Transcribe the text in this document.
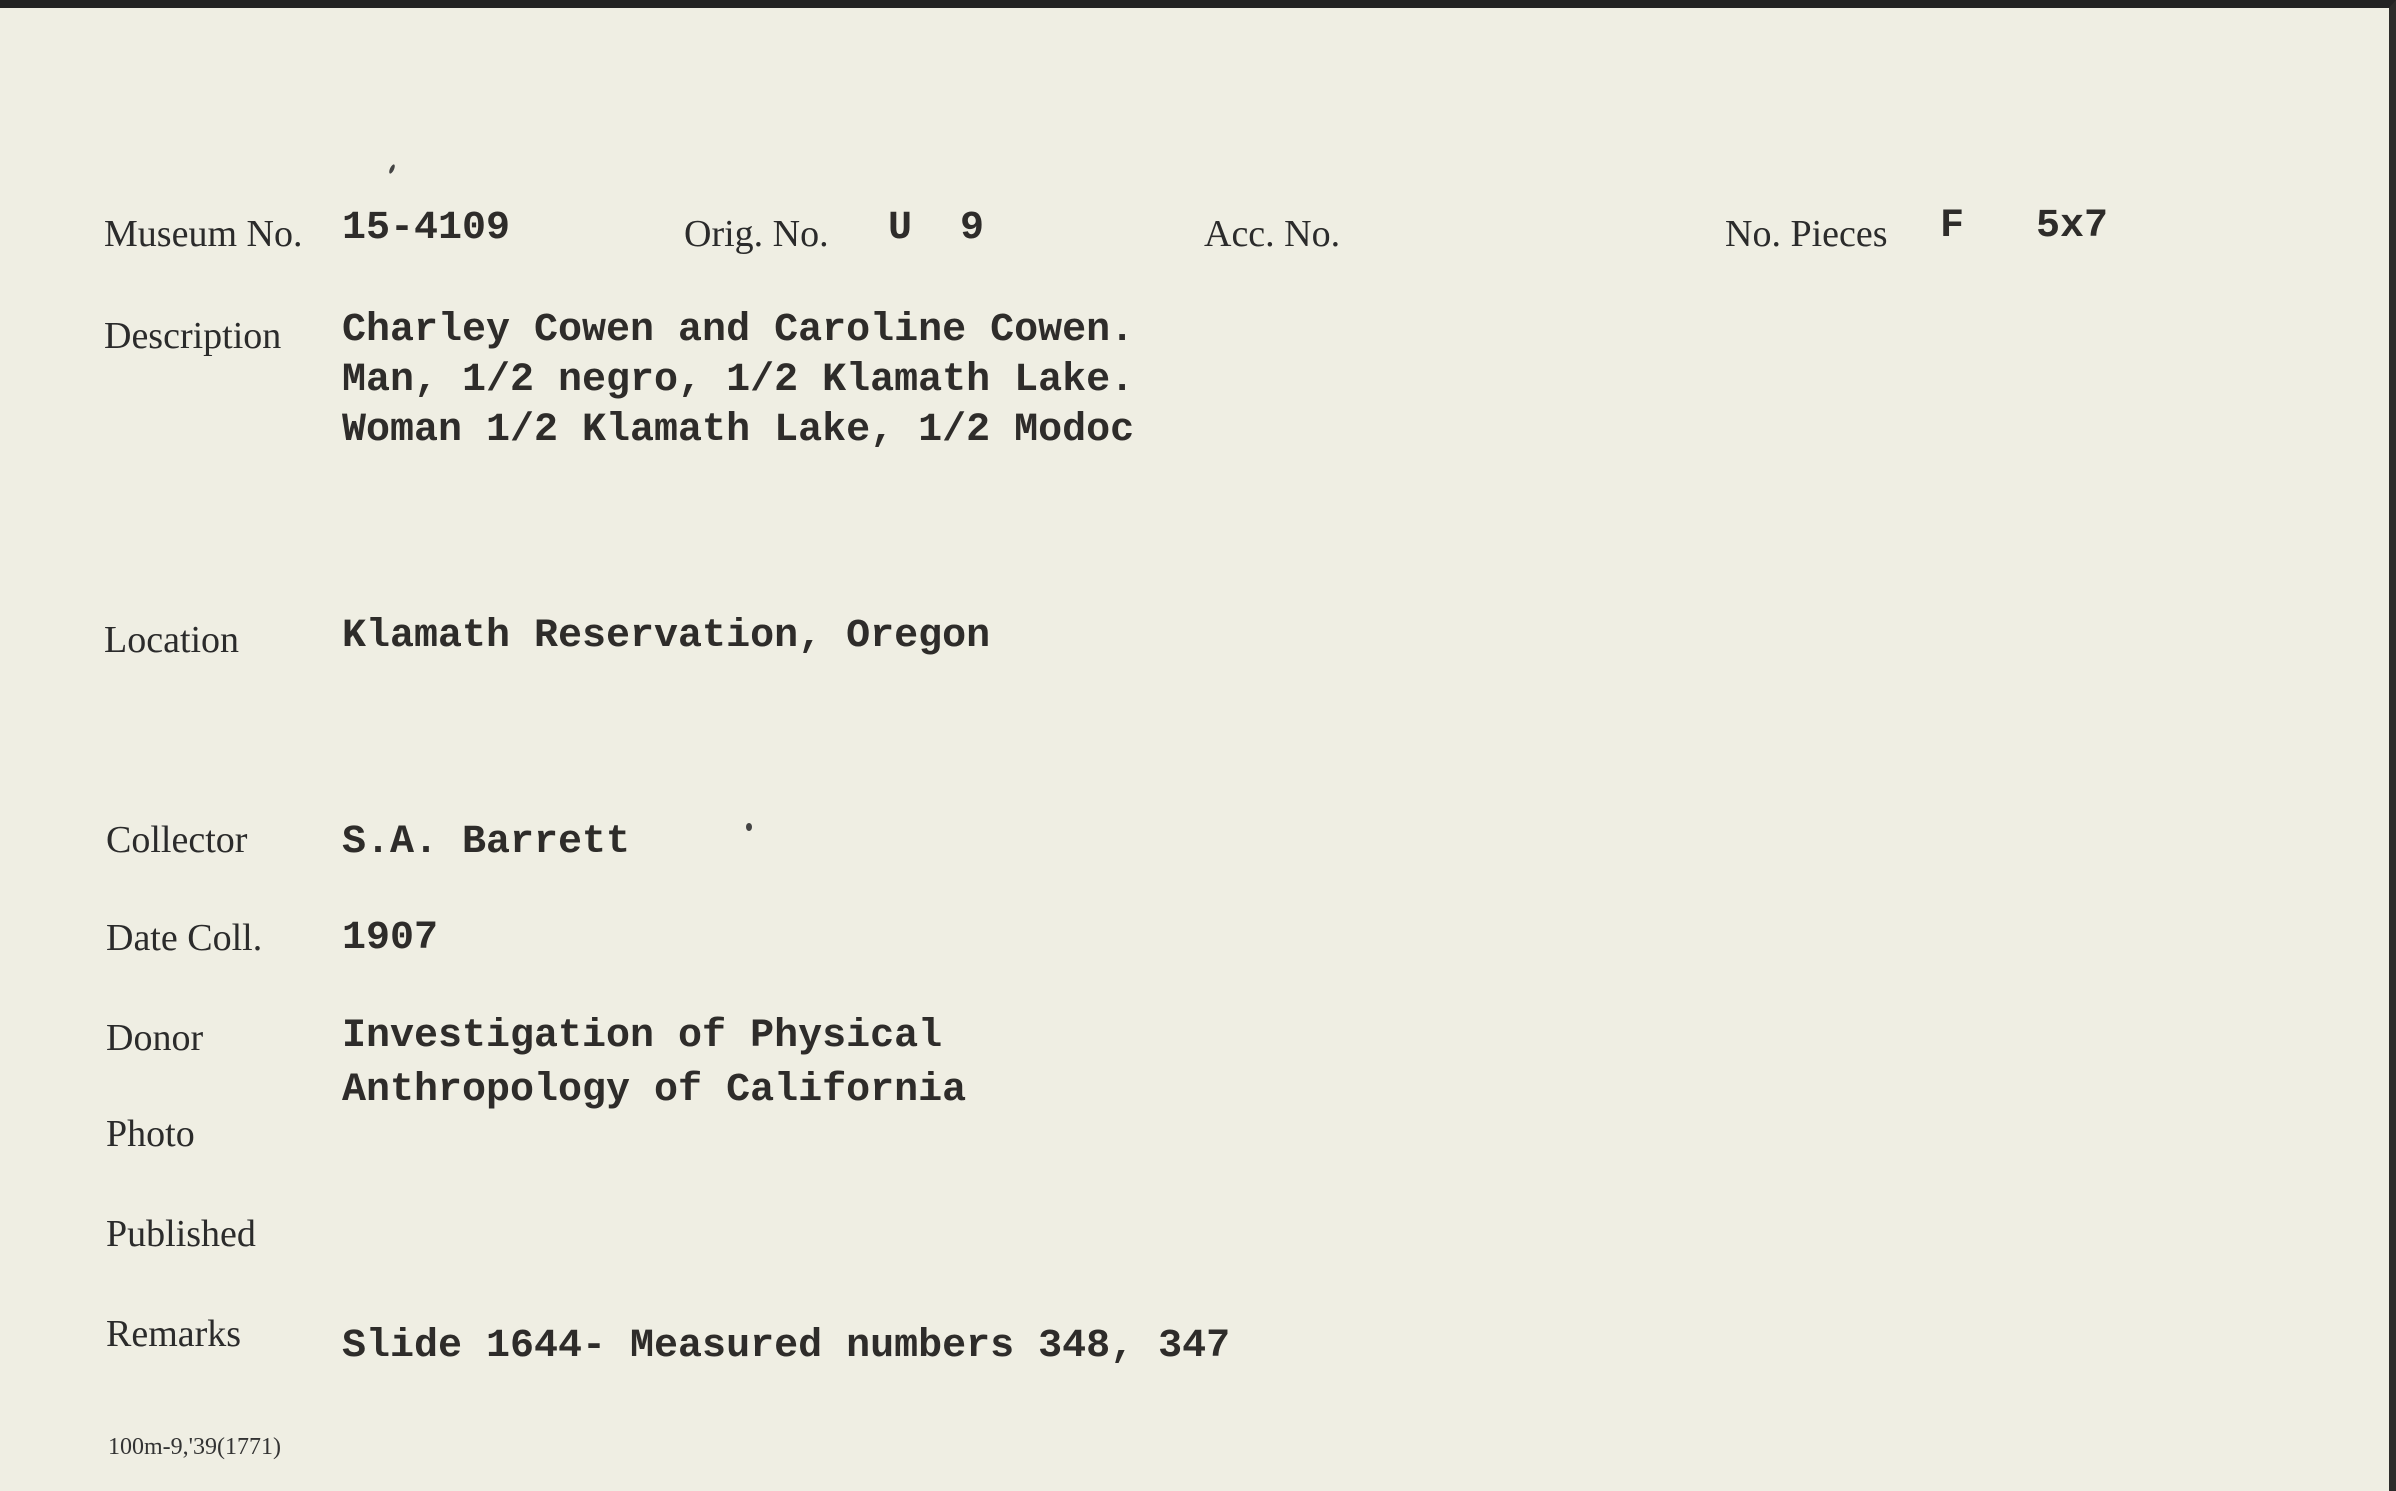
Museum No. 15-4109	Orig. No. U  9	Acc. No.	No. Pieces F   5x7
Description Charley Cowen and Caroline Cowen.
Man, 1/2 negro, 1/2 Klamath Lake.
Woman 1/2 Klamath Lake, 1/2 Modoc
Location	Klamath Reservation, Oregon
Collector S.A. Barrett
Date Coll. 1907
Donor	Investigation of Physical
Anthropology of California
Photo
Published
Remarks	Slide 1644- Measured numbers 348, 347
100m-9,'39(1771)
